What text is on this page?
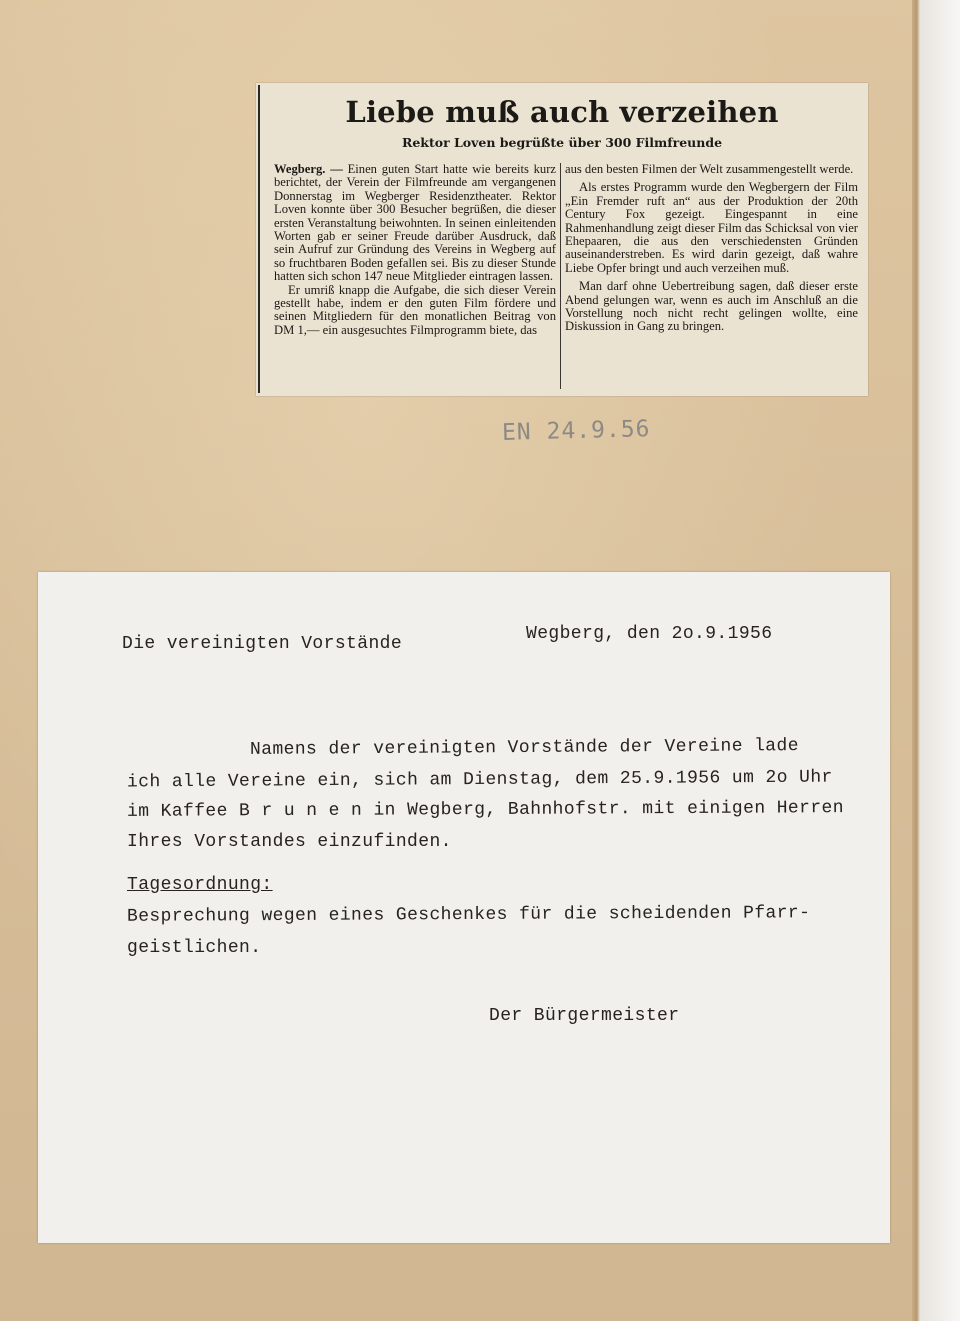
Liebe muß auch verzeihen
Rektor Loven begrüßte über 300 Filmfreunde

Wegberg. — Einen guten Start hatte wie bereits kurz berichtet, der Verein der Filmfreunde am vergangenen Donnerstag im Wegberger Residenztheater. Rektor Loven konnte über 300 Besucher begrüßen, die dieser ersten Veranstaltung beiwohnten. In seinen einleitenden Worten gab er seiner Freude darüber Ausdruck, daß sein Aufruf zur Gründung des Vereins in Wegberg auf so fruchtbaren Boden gefallen sei. Bis zu dieser Stunde hatten sich schon 147 neue Mitglieder eintragen lassen.

Er umriß knapp die Aufgabe, die sich dieser Verein gestellt habe, indem er den guten Film fördere und seinen Mitgliedern für den monatlichen Beitrag von DM 1,— ein ausgesuchtes Filmprogramm biete, das

aus den besten Filmen der Welt zusammengestellt werde.

Als erstes Programm wurde den Wegbergern der Film „Ein Fremder ruft an“ aus der Produktion der 20th Century Fox gezeigt. Eingespannt in eine Rahmenhandlung zeigt dieser Film das Schicksal von vier Ehepaaren, die aus den verschiedensten Gründen auseinanderstreben. Es wird darin gezeigt, daß wahre Liebe Opfer bringt und auch verzeihen muß.

Man darf ohne Uebertreibung sagen, daß dieser erste Abend gelungen war, wenn es auch im Anschluß an die Vorstellung noch nicht recht gelingen wollte, eine Diskussion in Gang zu bringen.

EN 24.9.56
Die vereinigten Vorstände	Wegberg, den 2o.9.1956
Namens der vereinigten Vorstände der Vereine lade
ich alle Vereine ein, sich am Dienstag, dem 25.9.1956 um 2o Uhr
im Kaffee B r u n e n in Wegberg, Bahnhofstr. mit einigen Herren
Ihres Vorstandes einzufinden.
Tagesordnung:
Besprechung wegen eines Geschenkes für die scheidenden Pfarr-
geistlichen.
Der Bürgermeister
